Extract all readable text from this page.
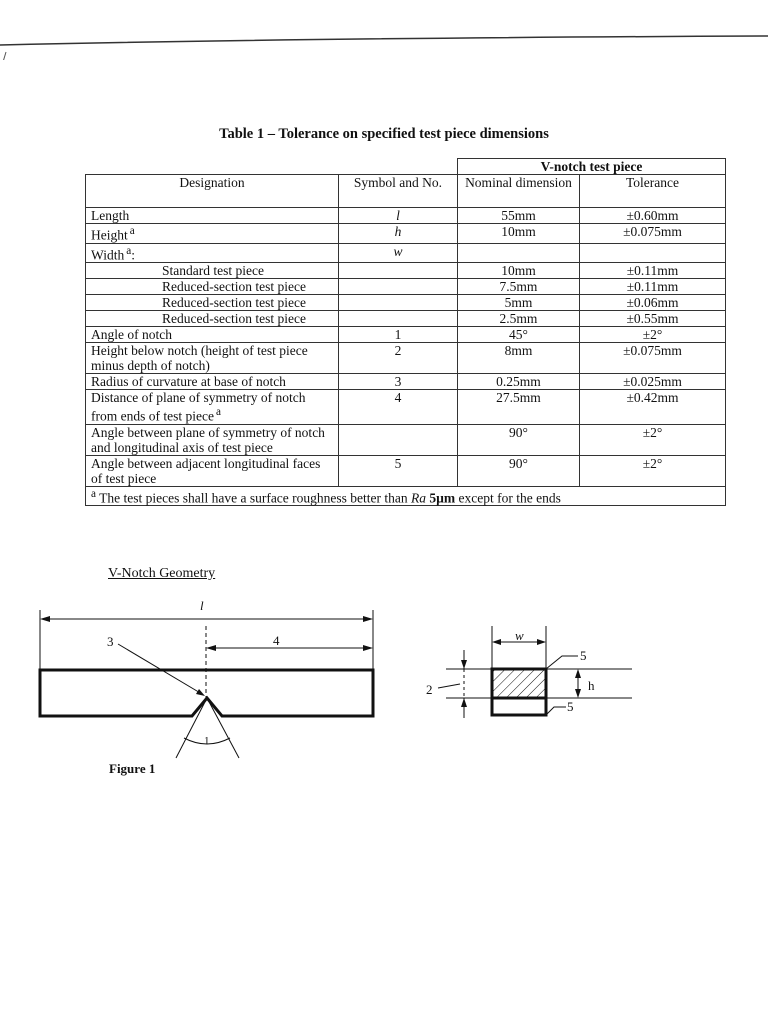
Table 1 – Tolerance on specified test piece dimensions
		V-notch test piece	
Designation	Symbol and No.	Nominal dimension	Tolerance
Length	l	55mm	±0.60mm
Height $^a$	h	10mm	±0.075mm
Width $^a$:	w		
Standard test piece		10mm	±0.11mm
Reduced-section test piece		7.5mm	±0.11mm
Reduced-section test piece		5mm	±0.06mm
Reduced-section test piece		2.5mm	±0.55mm
Angle of notch	1	45°	±2°
Height below notch (height of test piece minus depth of notch)	2	8mm	±0.075mm
Radius of curvature at base of notch	3	0.25mm	±0.025mm
Distance of plane of symmetry of notch from ends of test piece $^a$	4	27.5mm	±0.42mm
Angle between plane of symmetry of notch and longitudinal axis of test piece		90°	±2°
Angle between adjacent longitudinal faces of test piece	5	90°	±2°
$^a$ The test pieces shall have a surface roughness better than Ra 5µm except for the ends			
V-Notch Geometry
l
4
3
1
w
5
5
h
2
Figure 1
